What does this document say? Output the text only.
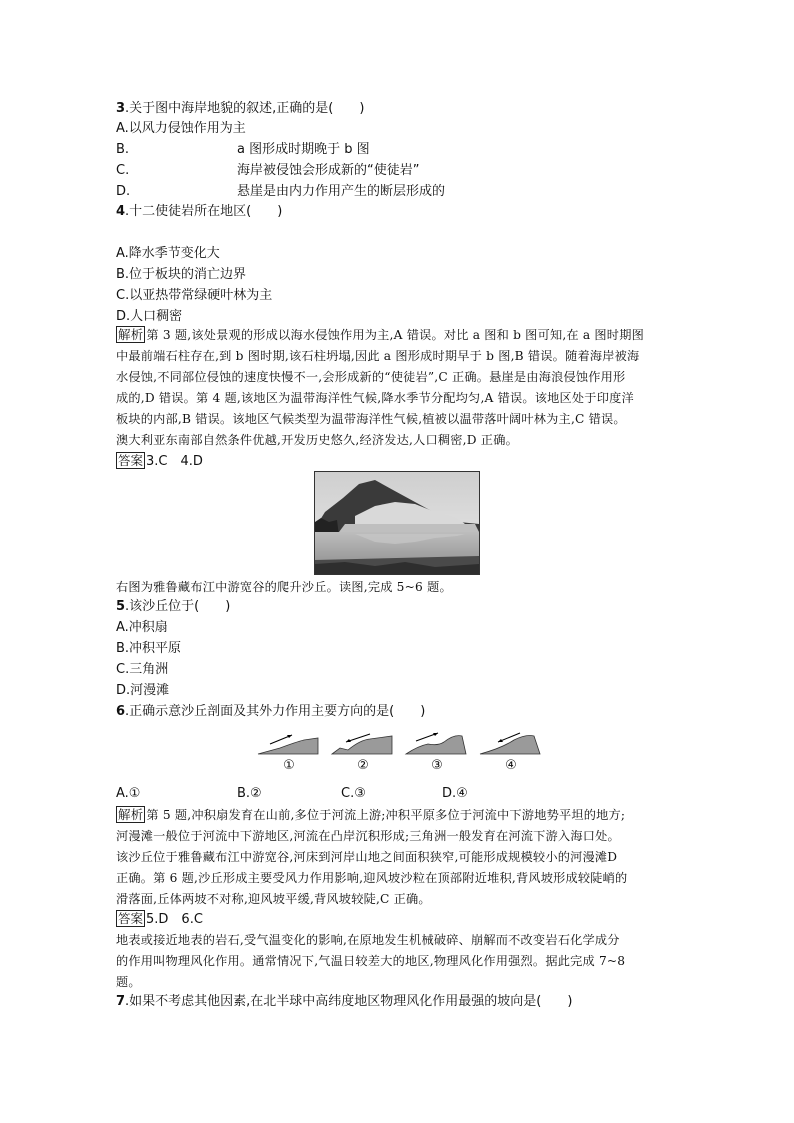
3.关于图中海岸地貌的叙述,正确的是(　　)
A.以风力侵蚀作用为主
B.	a 图形成时期晚于 b 图
C.	海岸被侵蚀会形成新的“使徒岩”
D.	悬崖是由内力作用产生的断层形成的
4.十二使徒岩所在地区(　　)
A.降水季节变化大
B.位于板块的消亡边界
C.以亚热带常绿硬叶林为主
D.人口稠密
解析 第 3 题,该处景观的形成以海水侵蚀作用为主,A 错误。对比 a 图和 b 图可知,在 a 图时期图
中最前端石柱存在,到 b 图时期,该石柱坍塌,因此 a 图形成时期早于 b 图,B 错误。随着海岸被海
水侵蚀,不同部位侵蚀的速度快慢不一,会形成新的“使徒岩”,C 正确。悬崖是由海浪侵蚀作用形
成的,D 错误。第 4 题,该地区为温带海洋性气候,降水季节分配均匀,A 错误。该地区处于印度洋
板块的内部,B 错误。该地区气候类型为温带海洋性气候,植被以温带落叶阔叶林为主,C 错误。
澳大利亚东南部自然条件优越,开发历史悠久,经济发达,人口稠密,D 正确。
答案 3.C　4.D
右图为雅鲁藏布江中游宽谷的爬升沙丘。读图,完成 5~6 题。
5.该沙丘位于(　　)
A.冲积扇
B.冲积平原
C.三角洲
D.河漫滩
6.正确示意沙丘剖面及其外力作用主要方向的是(　　)
①	②	③	④
A.①	B.②	C.③	D.④
解析 第 5 题,冲积扇发育在山前,多位于河流上游;冲积平原多位于河流中下游地势平坦的地方;
河漫滩一般位于河流中下游地区,河流在凸岸沉积形成;三角洲一般发育在河流下游入海口处。
该沙丘位于雅鲁藏布江中游宽谷,河床到河岸山地之间面积狭窄,可能形成规模较小的河漫滩D
正确。第 6 题,沙丘形成主要受风力作用影响,迎风坡沙粒在顶部附近堆积,背风坡形成较陡峭的
滑落面,丘体两坡不对称,迎风坡平缓,背风坡较陡,C 正确。
答案 5.D　6.C
地表或接近地表的岩石,受气温变化的影响,在原地发生机械破碎、崩解而不改变岩石化学成分
的作用叫物理风化作用。通常情况下,气温日较差大的地区,物理风化作用强烈。据此完成 7~8
题。
7.如果不考虑其他因素,在北半球中高纬度地区物理风化作用最强的坡向是(　　)
